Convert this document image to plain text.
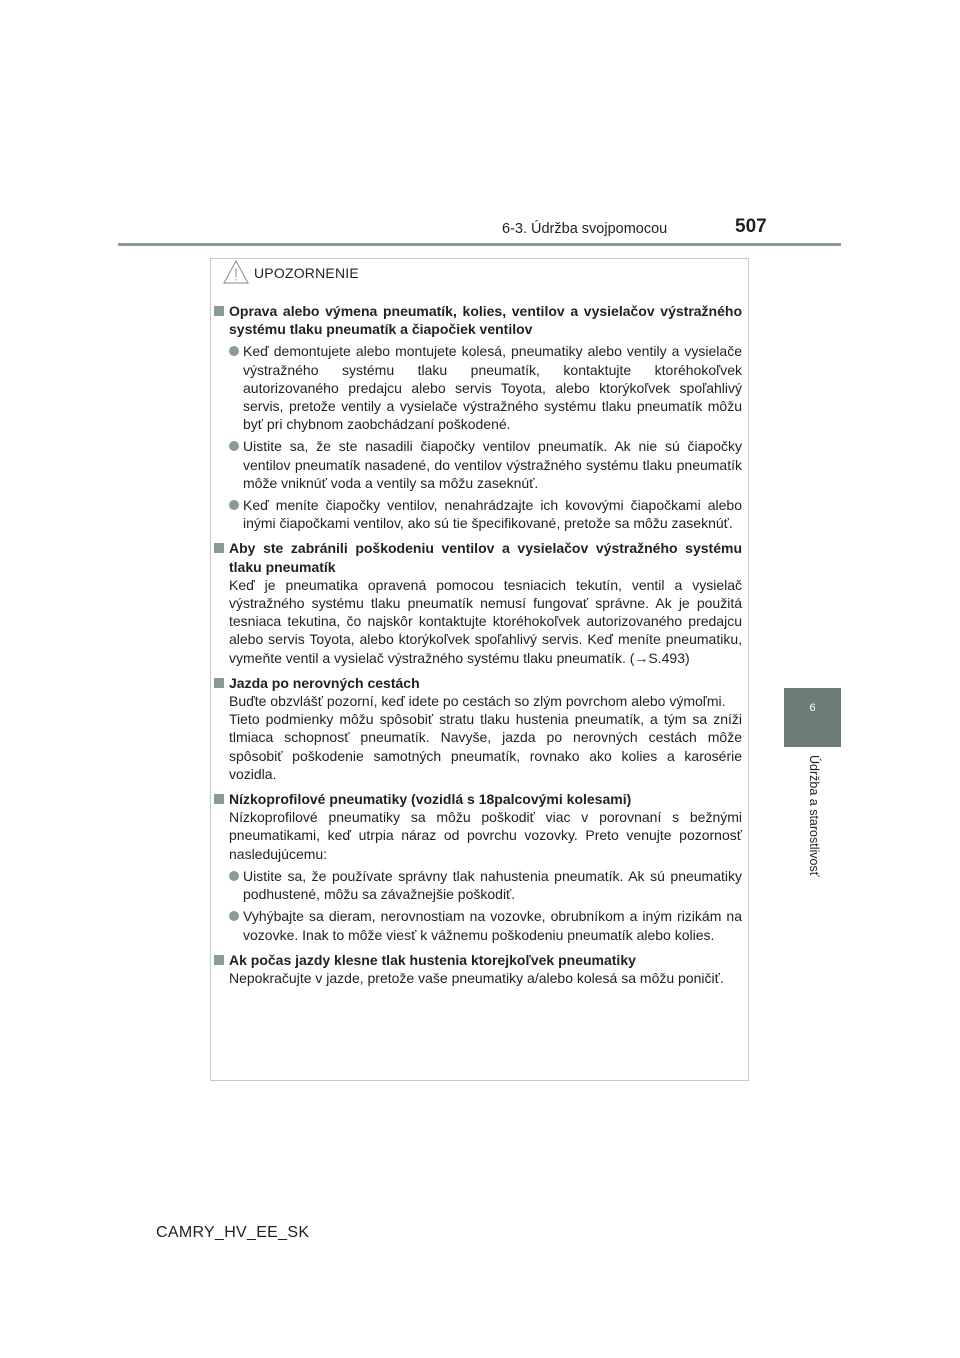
6-3. Údržba svojpomocou	507
6
Údržba a starostlivosť
UPOZORNENIE
Oprava alebo výmena pneumatík, kolies, ventilov a vysielačov výstražného systému tlaku pneumatík a čiapočiek ventilov
Keď demontujete alebo montujete kolesá, pneumatiky alebo ventily a vysielače výstražného systému tlaku pneumatík, kontaktujte ktoréhokoľvek autorizovaného predajcu alebo servis Toyota, alebo ktorýkoľvek spoľahlivý servis, pretože ventily a vysielače výstražného systému tlaku pneumatík môžu byť pri chybnom zaobchádzaní poškodené.
Uistite sa, že ste nasadili čiapočky ventilov pneumatík. Ak nie sú čiapočky ventilov pneumatík nasadené, do ventilov výstražného systému tlaku pneumatík môže vniknúť voda a ventily sa môžu zaseknúť.
Keď meníte čiapočky ventilov, nenahrádzajte ich kovovými čiapočkami alebo inými čiapočkami ventilov, ako sú tie špecifikované, pretože sa môžu zaseknúť.
Aby ste zabránili poškodeniu ventilov a vysielačov výstražného systému tlaku pneumatík
Keď je pneumatika opravená pomocou tesniacich tekutín, ventil a vysielač výstražného systému tlaku pneumatík nemusí fungovať správne. Ak je použitá tesniaca tekutina, čo najskôr kontaktujte ktoréhokoľvek autorizovaného predajcu alebo servis Toyota, alebo ktorýkoľvek spoľahlivý servis. Keď meníte pneumatiku, vymeňte ventil a vysielač výstražného systému tlaku pneumatík. (→S.493)
Jazda po nerovných cestách
Buďte obzvlášť pozorní, keď idete po cestách so zlým povrchom alebo výmoľmi.
Tieto podmienky môžu spôsobiť stratu tlaku hustenia pneumatík, a tým sa zníži tlmiaca schopnosť pneumatík. Navyše, jazda po nerovných cestách môže spôsobiť poškodenie samotných pneumatík, rovnako ako kolies a karosérie vozidla.
Nízkoprofilové pneumatiky (vozidlá s 18palcovými kolesami)
Nízkoprofilové pneumatiky sa môžu poškodiť viac v porovnaní s bežnými pneumatikami, keď utrpia náraz od povrchu vozovky. Preto venujte pozornosť nasledujúcemu:
Uistite sa, že používate správny tlak nahustenia pneumatík. Ak sú pneumatiky podhustené, môžu sa závažnejšie poškodiť.
Vyhýbajte sa dieram, nerovnostiam na vozovke, obrubníkom a iným rizikám na vozovke. Inak to môže viesť k vážnemu poškodeniu pneumatík alebo kolies.
Ak počas jazdy klesne tlak hustenia ktorejkoľvek pneumatiky
Nepokračujte v jazde, pretože vaše pneumatiky a/alebo kolesá sa môžu poničiť.
CAMRY_HV_EE_SK
